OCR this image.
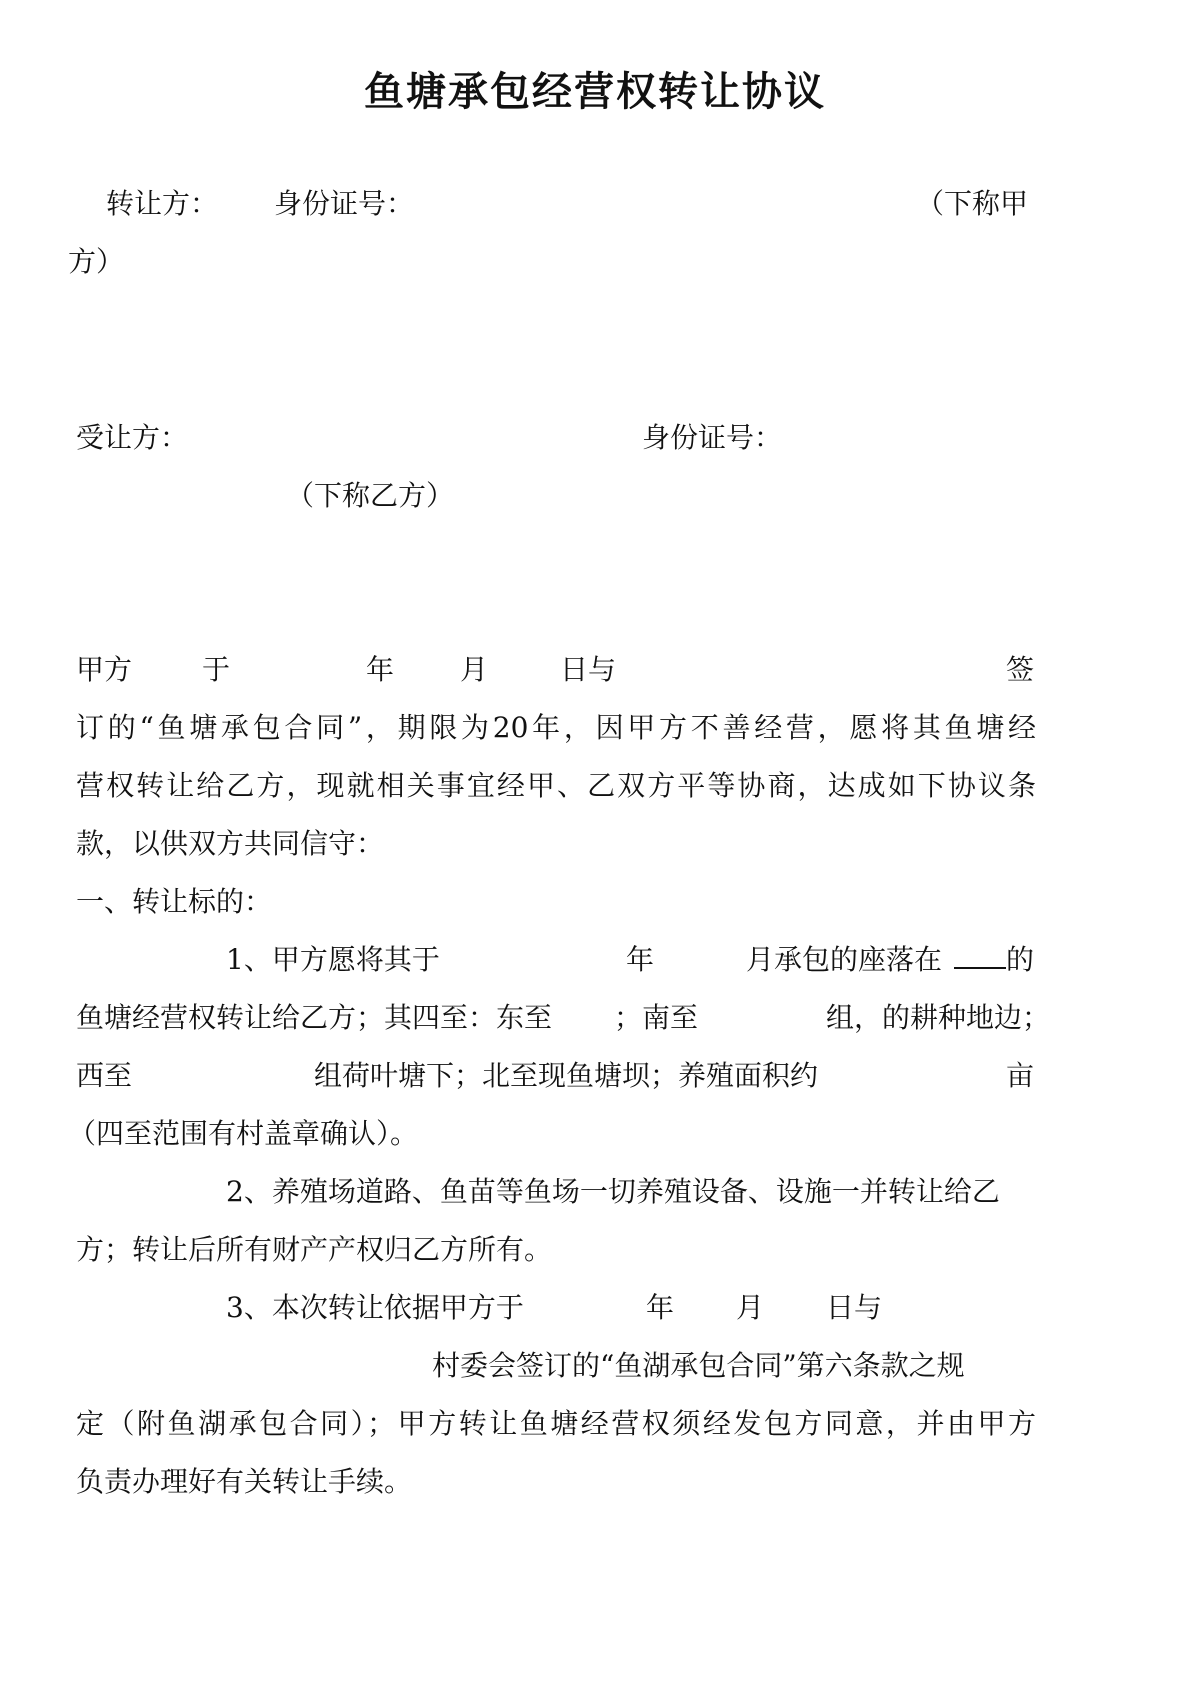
鱼塘承包经营权转让协议
转让方： 身份证号：	（下称甲
方）
受让方：	身份证号：
（下称乙方）
甲方 于	年 月	日与	签
订的“鱼塘承包合同”，期限为20年，因甲方不善经营，愿将其鱼塘经
营权转让给乙方，现就相关事宜经甲、乙双方平等协商，达成如下协议条
款，以供双方共同信守：
一、转让标的：
1、甲方愿将其于	年	月承包的座落在 的
鱼塘经营权转让给乙方；其四至：东至 ；南至	组，的耕种地边；
西至	组荷叶塘下；北至现鱼塘坝；养殖面积约	亩
（四至范围有村盖章确认）。
2、养殖场道路、鱼苗等鱼场一切养殖设备、设施一并转让给乙
方；转让后所有财产产权归乙方所有。
3、本次转让依据甲方于	年 月 日与
村委会签订的“鱼湖承包合同”第六条款之规
定（附鱼湖承包合同）；甲方转让鱼塘经营权须经发包方同意，并由甲方
负责办理好有关转让手续。
